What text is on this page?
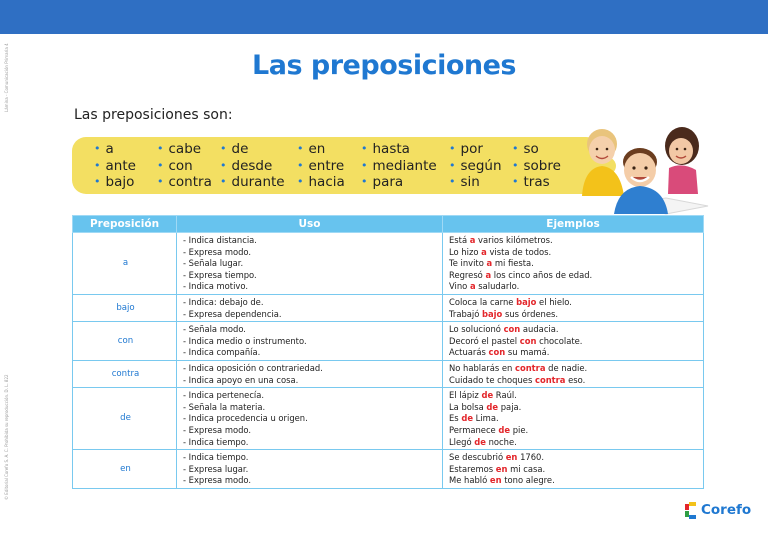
Lámina - Comunicación Primaria 4
© Editorial Corefo S. A. C. Prohibida su reproducción. D. L. 822
Las preposiciones
Las preposiciones son:
• a
• ante
• bajo
• cabe
• con
• contra
• de
• desde
• durante
• en
• entre
• hacia
• hasta
• mediante
• para
• por
• según
• sin
• so
• sobre
• tras
Preposición	Uso	Ejemplos
a	- Indica distancia.
- Expresa modo.
- Señala lugar.
- Expresa tiempo.
- Indica motivo.	Está a varios kilómetros.
Lo hizo a vista de todos.
Te invito a mi fiesta.
Regresó a los cinco años de edad.
Vino a saludarlo.

bajo	- Indica: debajo de.
- Expresa dependencia.	Coloca la carne bajo el hielo.
Trabajó bajo sus órdenes.

con	- Señala modo.
- Indica medio o instrumento.
- Indica compañía.	Lo solucionó con audacia.
Decoró el pastel con chocolate.
Actuarás con su mamá.

contra	- Indica oposición o contrariedad.
- Indica apoyo en una cosa.	No hablarás en contra de nadie.
Cuidado te choques contra eso.

de	- Indica pertenecía.
- Señala la materia.
- Indica procedencia u origen.
- Expresa modo.
- Indica tiempo.	El lápiz de Raúl.
La bolsa de paja.
Es de Lima.
Permanece de pie.
Llegó de noche.

en	- Indica tiempo.
- Expresa lugar.
- Expresa modo.	Se descubrió en 1760.
Estaremos en mi casa.
Me habló en tono alegre.
Corefo
